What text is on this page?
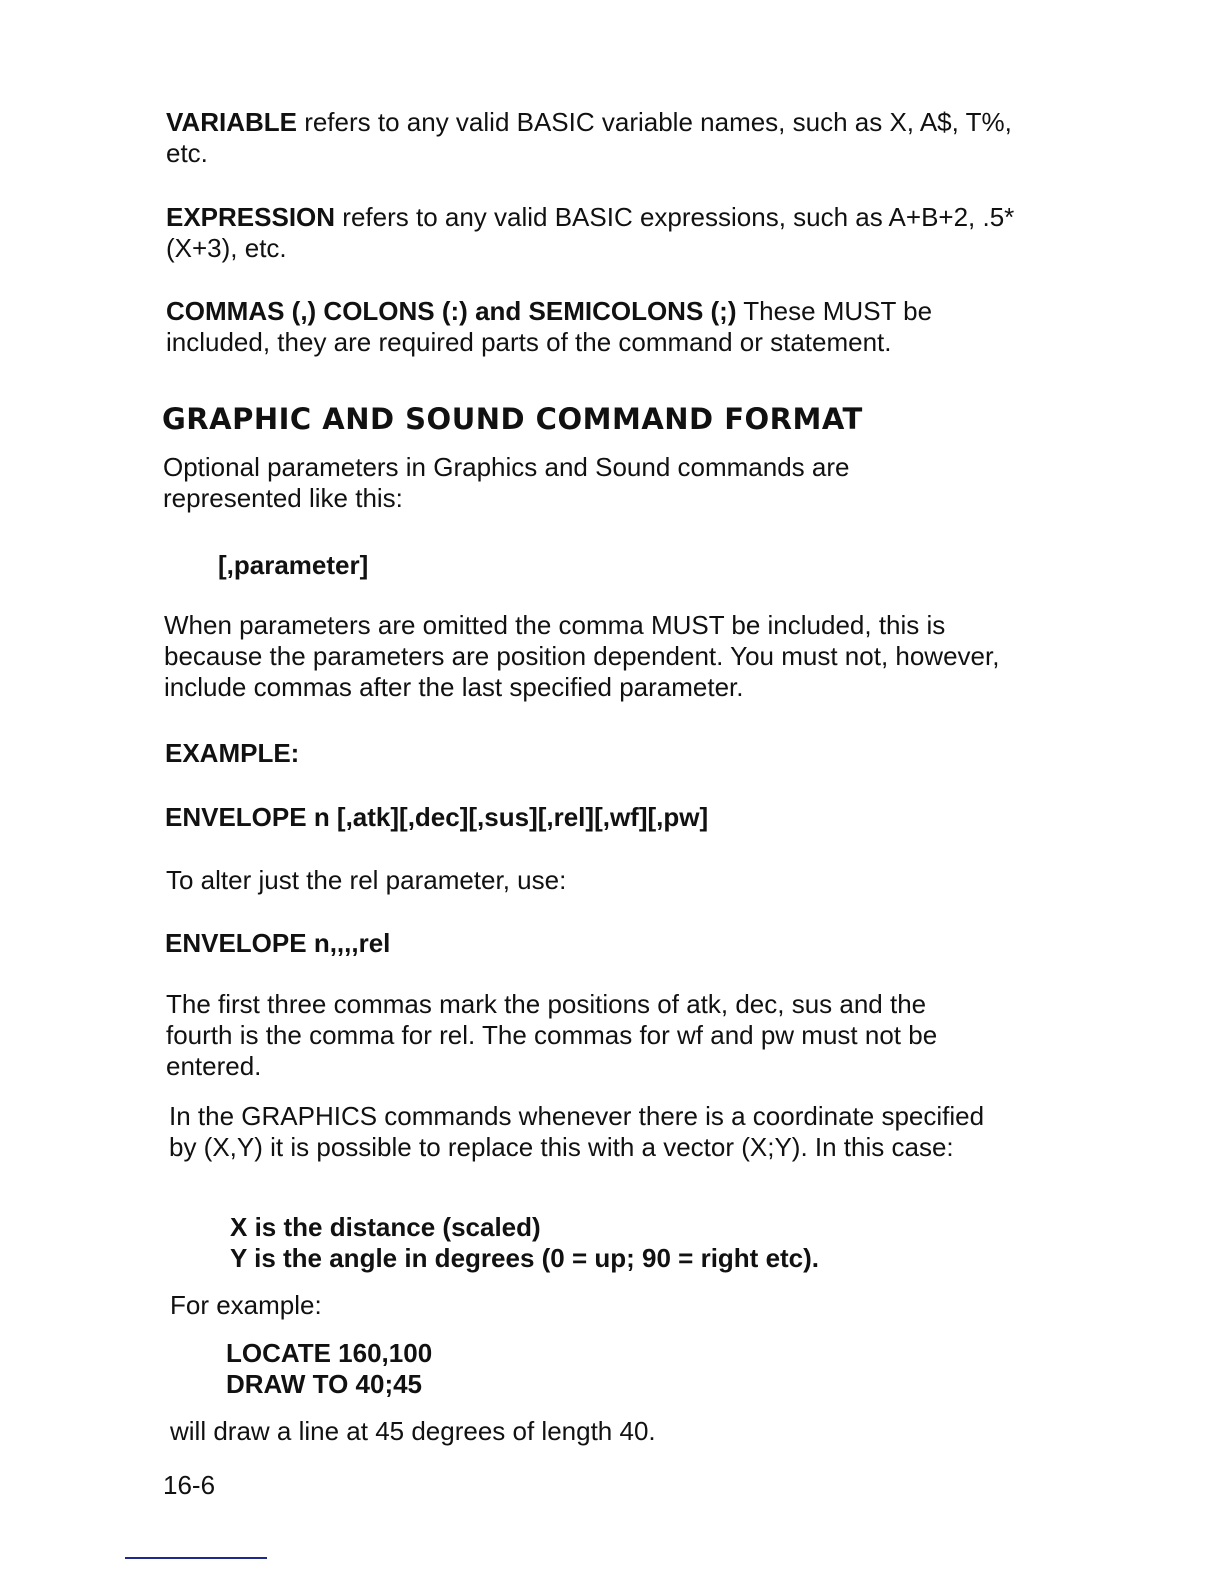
VARIABLE refers to any valid BASIC variable names, such as X, A$, T%, etc.
EXPRESSION refers to any valid BASIC expressions, such as A+B+2, .5*(X+3), etc.
COMMAS (,) COLONS (:) and SEMICOLONS (;) These MUST be included, they are required parts of the command or statement.
GRAPHIC AND SOUND COMMAND FORMAT
Optional parameters in Graphics and Sound commands are represented like this:
[,parameter]
When parameters are omitted the comma MUST be included, this is because the parameters are position dependent. You must not, however, include commas after the last specified parameter.
EXAMPLE:
ENVELOPE n [,atk][,dec][,sus][,rel][,wf][,pw]
To alter just the rel parameter, use:
ENVELOPE n,,,,rel
The first three commas mark the positions of atk, dec, sus and the fourth is the comma for rel. The commas for wf and pw must not be entered.
In the GRAPHICS commands whenever there is a coordinate specified by (X,Y) it is possible to replace this with a vector (X;Y). In this case:
X is the distance (scaled)
Y is the angle in degrees (0 = up; 90 = right etc).
For example:
LOCATE 160,100
DRAW TO 40;45
will draw a line at 45 degrees of length 40.
16-6
